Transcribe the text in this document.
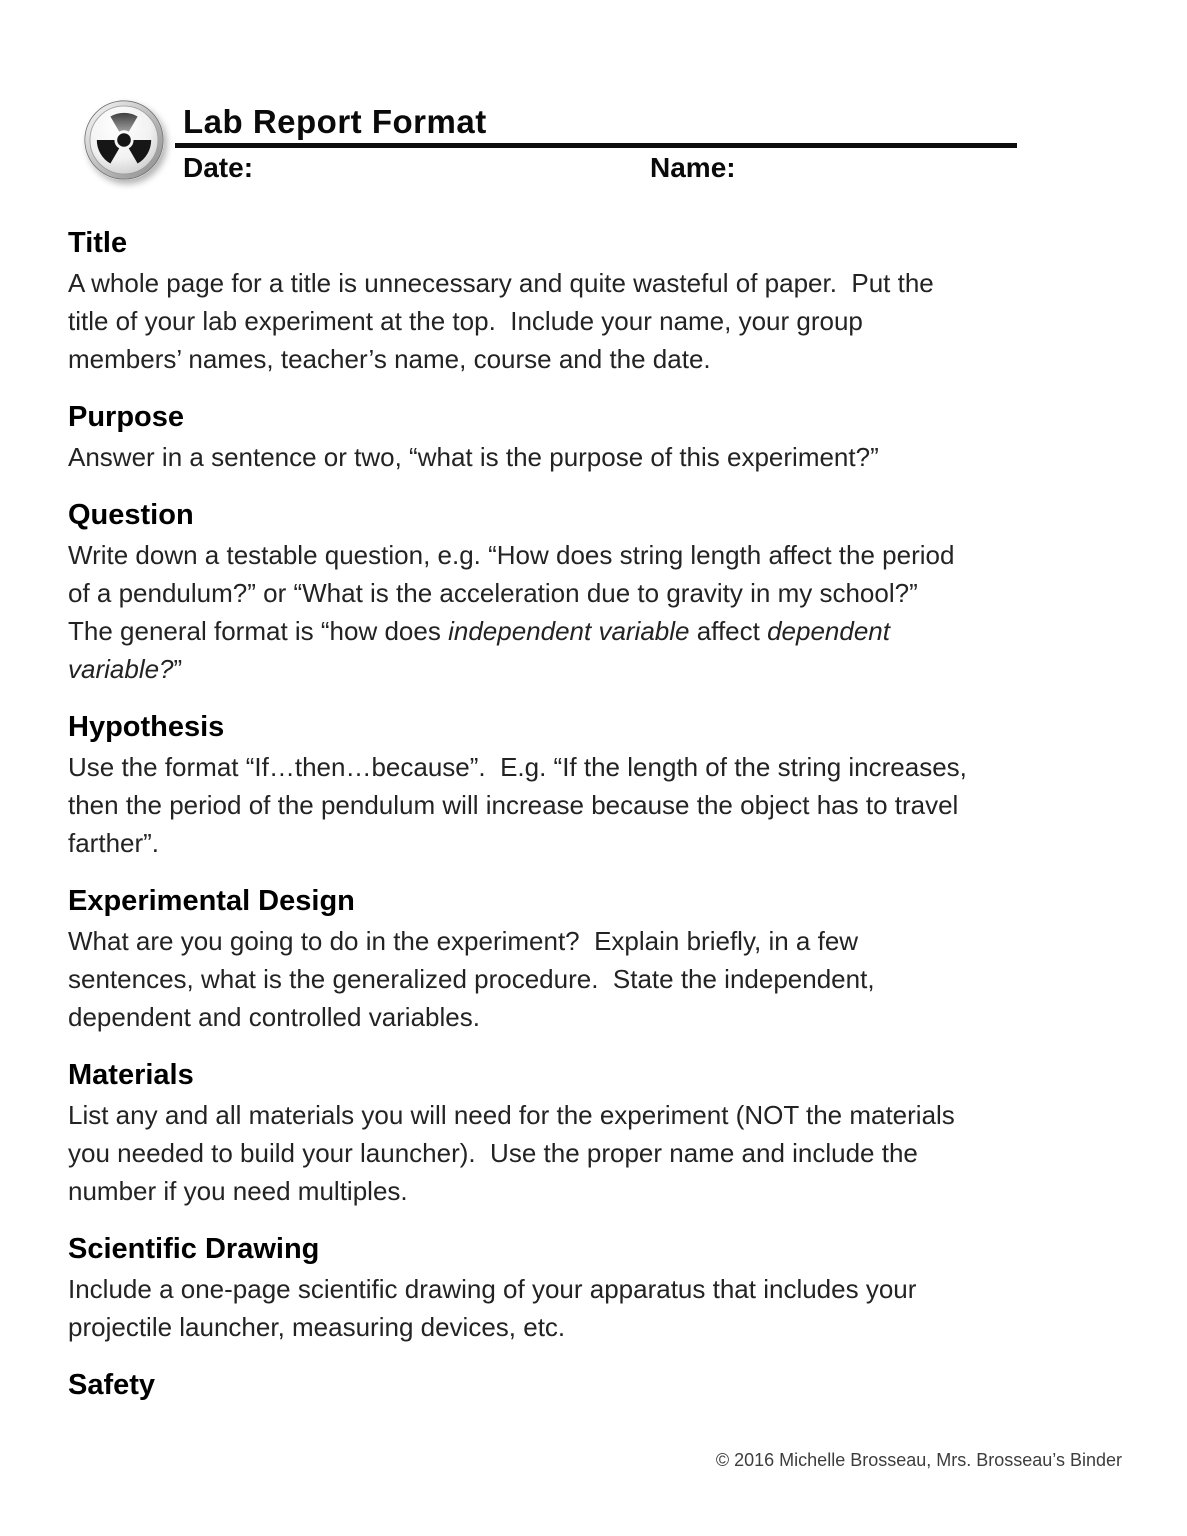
Lab Report Format
Date:	Name:
Title
A whole page for a title is unnecessary and quite wasteful of paper.  Put the
title of your lab experiment at the top.  Include your name, your group
members’ names, teacher’s name, course and the date.
Purpose
Answer in a sentence or two, “what is the purpose of this experiment?”
Question
Write down a testable question, e.g. “How does string length affect the period
of a pendulum?” or “What is the acceleration due to gravity in my school?”
The general format is “how does independent variable affect dependent
variable?”
Hypothesis
Use the format “If…then…because”.  E.g. “If the length of the string increases,
then the period of the pendulum will increase because the object has to travel
farther”.
Experimental Design
What are you going to do in the experiment?  Explain briefly, in a few
sentences, what is the generalized procedure.  State the independent,
dependent and controlled variables.
Materials
List any and all materials you will need for the experiment (NOT the materials
you needed to build your launcher).  Use the proper name and include the
number if you need multiples.
Scientific Drawing
Include a one-page scientific drawing of your apparatus that includes your
projectile launcher, measuring devices, etc.
Safety
© 2016 Michelle Brosseau, Mrs. Brosseau’s Binder
